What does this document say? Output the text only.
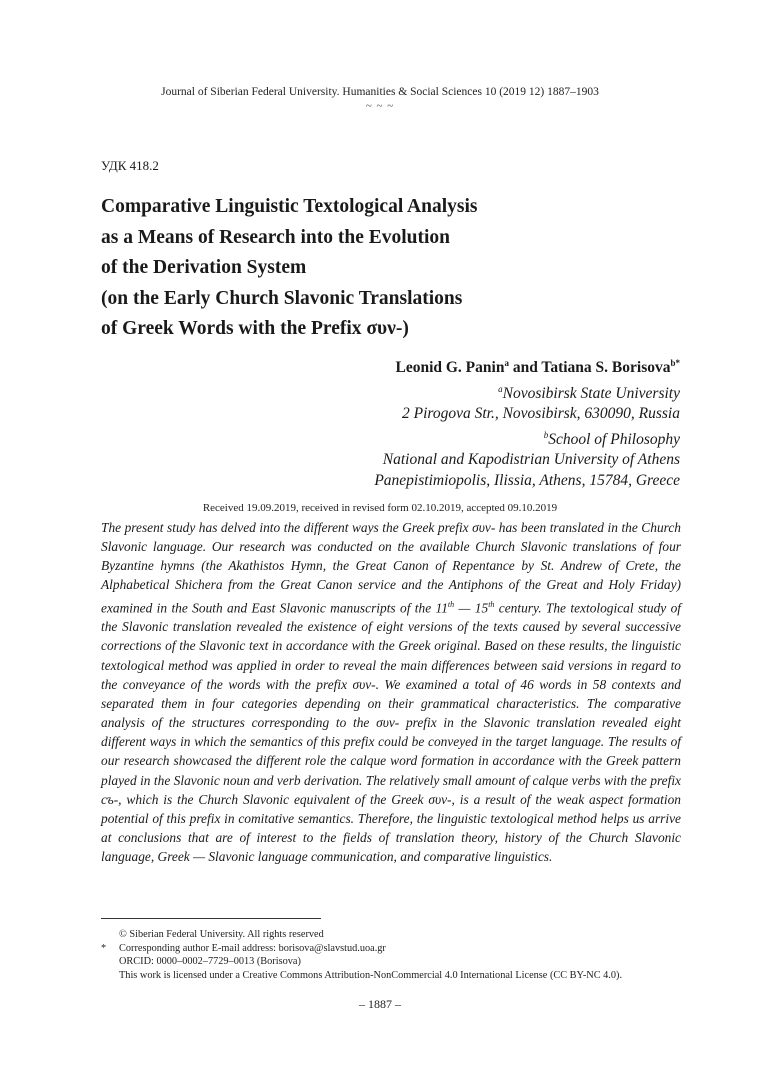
Journal of Siberian Federal University. Humanities & Social Sciences 10 (2019 12) 1887–1903
~ ~ ~
УДК 418.2
Comparative Linguistic Textological Analysis
as a Means of Research into the Evolution
of the Derivation System
(on the Early Church Slavonic Translations
of Greek Words with the Prefix συν-)
Leonid G. Panin$^a$ and Tatiana S. Borisova$^{b*}$
$^a$Novosibirsk State University
2 Pirogova Str., Novosibirsk, 630090, Russia
$^b$School of Philosophy
National and Kapodistrian University of Athens
Panepistimiopolis, Ilissia, Athens, 15784, Greece
Received 19.09.2019, received in revised form 02.10.2019, accepted 09.10.2019
The present study has delved into the different ways the Greek prefix συν- has been translated in the Church Slavonic language. Our research was conducted on the available Church Slavonic translations of four Byzantine hymns (the Akathistos Hymn, the Great Canon of Repentance by St. Andrew of Crete, the Alphabetical Shichera from the Great Canon service and the Antiphons of the Great and Holy Friday) examined in the South and East Slavonic manuscripts of the 11th — 15th century. The textological study of the Slavonic translation revealed the existence of eight versions of the texts caused by several successive corrections of the Slavonic text in accordance with the Greek original. Based on these results, the linguistic textological method was applied in order to reveal the main differences between said versions in regard to the conveyance of the words with the prefix συν-. We examined a total of 46 words in 58 contexts and separated them in four categories depending on their grammatical characteristics. The comparative analysis of the structures corresponding to the συν- prefix in the Slavonic translation revealed eight different ways in which the semantics of this prefix could be conveyed in the target language. The results of our research showcased the different role the calque word formation in accordance with the Greek pattern played in the Slavonic noun and verb derivation. The relatively small amount of calque verbs with the prefix съ-, which is the Church Slavonic equivalent of the Greek συν-, is a result of the weak aspect formation potential of this prefix in comitative semantics. Therefore, the linguistic textological method helps us arrive at conclusions that are of interest to the fields of translation theory, history of the Church Slavonic language, Greek — Slavonic language communication, and comparative linguistics.
© Siberian Federal University. All rights reserved
* Corresponding author E-mail address: borisova@slavstud.uoa.gr
ORCID: 0000–0002–7729–0013 (Borisova)
This work is licensed under a Creative Commons Attribution-NonCommercial 4.0 International License (CC BY-NC 4.0).
– 1887 –
